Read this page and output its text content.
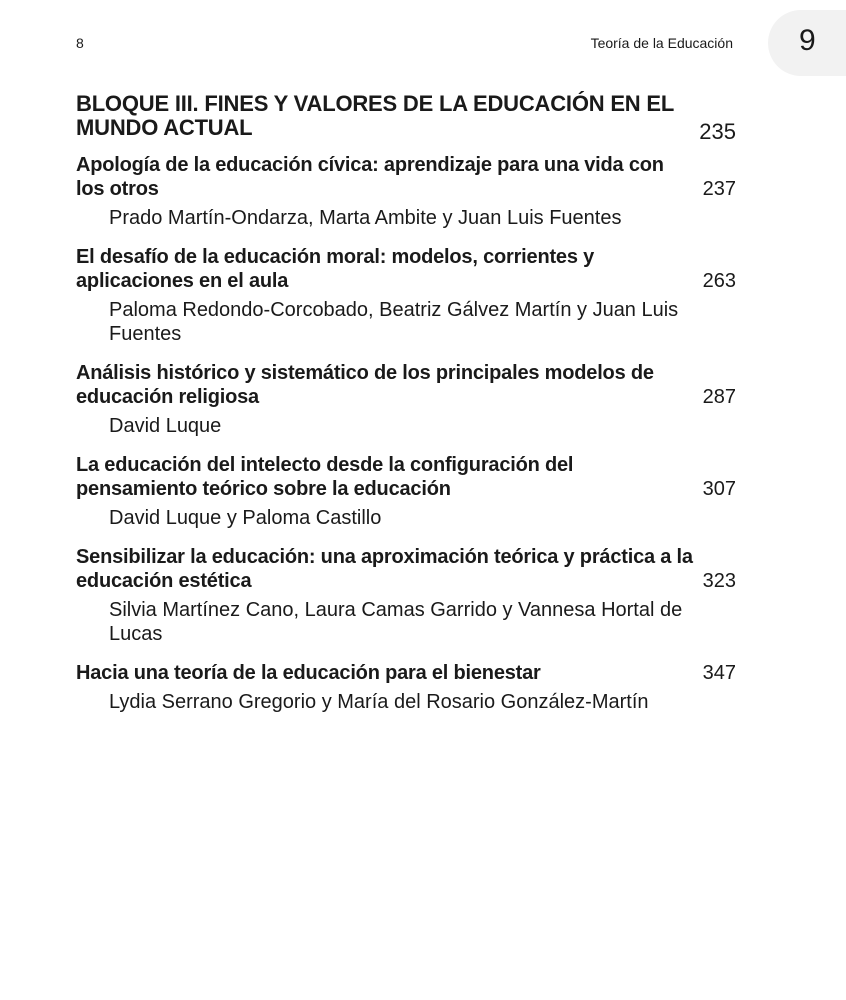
8	Teoría de la Educación 9
BLOQUE III. FINES Y VALORES DE LA EDUCACIÓN EN EL MUNDO ACTUAL	235
Apología de la educación cívica: aprendizaje para una vida con los otros	237
Prado Martín-Ondarza, Marta Ambite y Juan Luis Fuentes
El desafío de la educación moral: modelos, corrientes y aplicaciones en el aula	263
Paloma Redondo-Corcobado, Beatriz Gálvez Martín y Juan Luis Fuentes
Análisis histórico y sistemático de los principales modelos de educación religiosa	287
David Luque
La educación del intelecto desde la configuración del pensamiento teórico sobre la educación	307
David Luque y Paloma Castillo
Sensibilizar la educación: una aproximación teórica y práctica a la educación estética	323
Silvia Martínez Cano, Laura Camas Garrido y Vannesa Hortal de Lucas
Hacia una teoría de la educación para el bienestar	347
Lydia Serrano Gregorio y María del Rosario González-Martín
